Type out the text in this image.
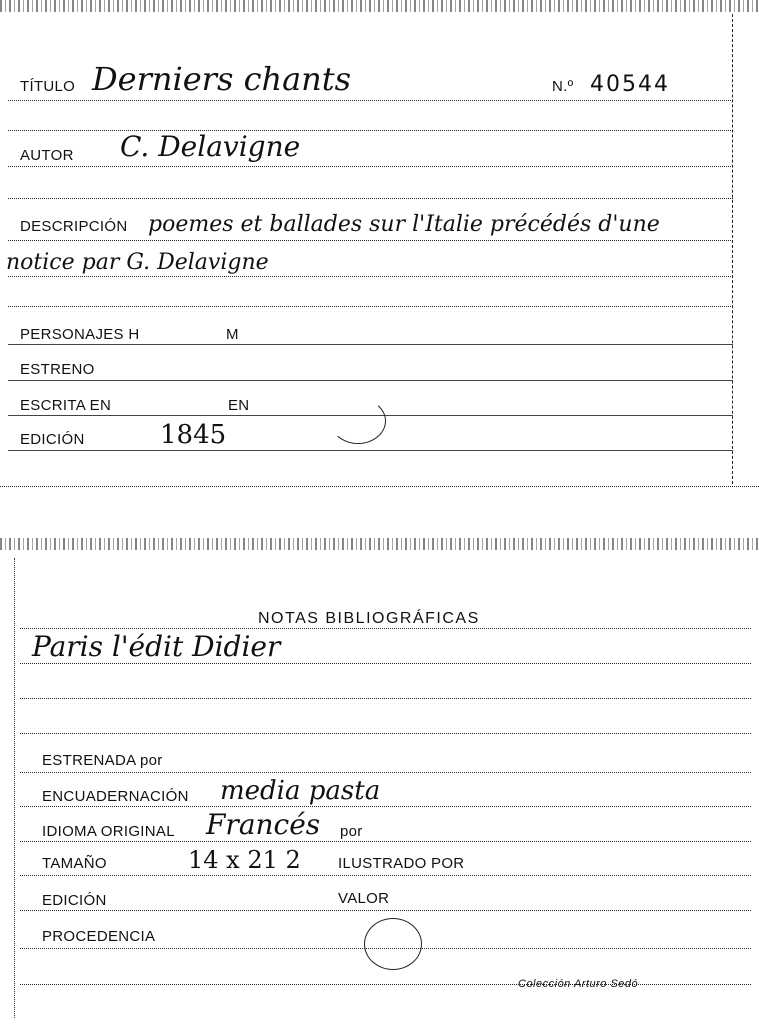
TÍTULO Derniers chants	N.º 40544
AUTOR C. Delavigne
DESCRIPCIÓN poemes et ballades sur l'Italie précédés d'une
notice par G. Delavigne
PERSONAJES H	M
ESTRENO
ESCRITA EN	EN
EDICIÓN	1845
NOTAS BIBLIOGRÁFICAS
Paris l'édit Didier
ESTRENADA por
ENCUADERNACIÓN media pasta
IDIOMA ORIGINAL Francés por
TAMAÑO	14 x 21 2 ILUSTRADO POR
EDICIÓN	VALOR
PROCEDENCIA
Colección Arturo Sedó
